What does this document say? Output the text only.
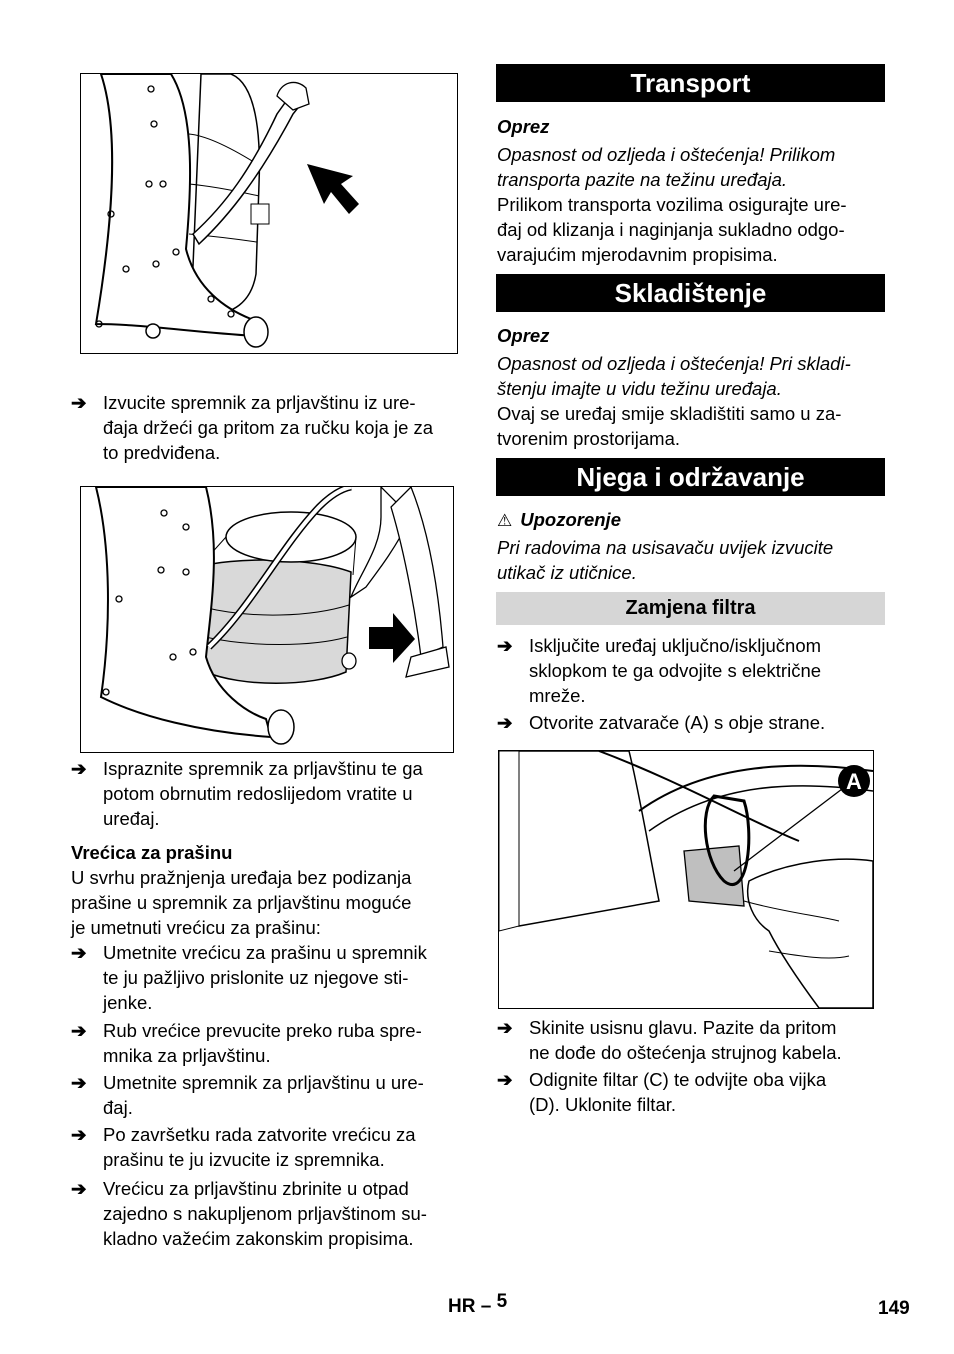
➔ Izvucite spremnik za prljavštinu iz ure-
đaja držeći ga pritom za ručku koja je za
to predviđena.
➔ Ispraznite spremnik za prljavštinu te ga
potom obrnutim redoslijedom vratite u
uređaj.
Vrećica za prašinu
U svrhu pražnjenja uređaja bez podizanja
prašine u spremnik za prljavštinu moguće
je umetnuti vrećicu za prašinu:
➔ Umetnite vrećicu za prašinu u spremnik
te ju pažljivo prislonite uz njegove sti-
jenke.
➔ Rub vrećice prevucite preko ruba spre-
mnika za prljavštinu.
➔ Umetnite spremnik za prljavštinu u ure-
đaj.
➔ Po završetku rada zatvorite vrećicu za
prašinu te ju izvucite iz spremnika.
➔ Vrećicu za prljavštinu zbrinite u otpad
zajedno s nakupljenom prljavštinom su-
kladno važećim zakonskim propisima.
Transport
Oprez
Opasnost od ozljeda i oštećenja! Prilikom
transporta pazite na težinu uređaja.
Prilikom transporta vozilima osigurajte ure-
đaj od klizanja i naginjanja sukladno odgo-
varajućim mjerodavnim propisima.
Skladištenje
Oprez
Opasnost od ozljeda i oštećenja! Pri skladi-
štenju imajte u vidu težinu uređaja.
Ovaj se uređaj smije skladištiti samo u za-
tvorenim prostorijama.
Njega i održavanje
⚠ Upozorenje
Pri radovima na usisavaču uvijek izvucite
utikač iz utičnice.
Zamjena filtra
➔ Isključite uređaj uključno/isključnom
sklopkom te ga odvojite s električne
mreže.
➔ Otvorite zatvarače (A) s obje strane.
A
➔ Skinite usisnu glavu. Pazite da pritom
ne dođe do oštećenja strujnog kabela.
➔ Odignite filtar (C) te odvijte oba vijka
(D). Uklonite filtar.
HR – 5	149
